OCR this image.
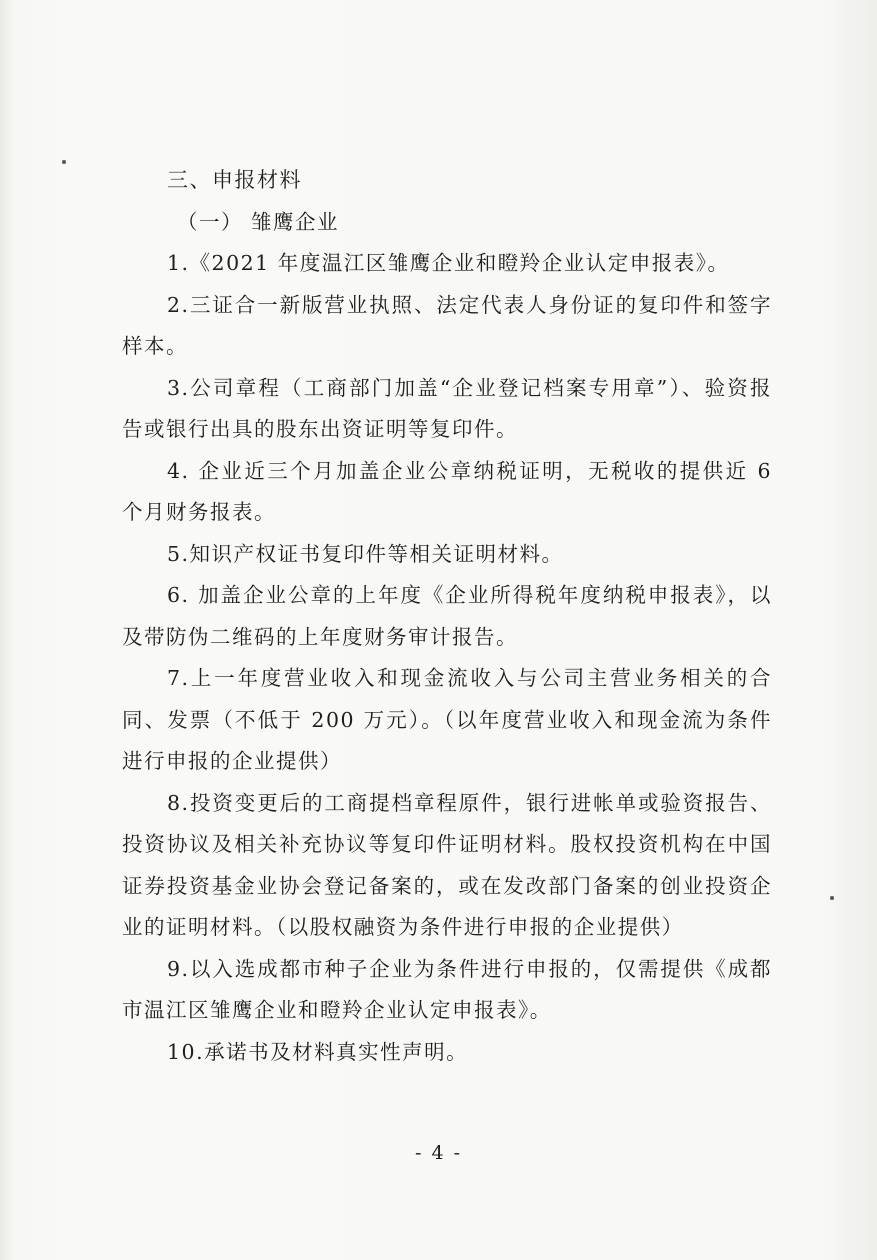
三、申报材料

（一） 雏鹰企业

1.《2021 年度温江区雏鹰企业和瞪羚企业认定申报表》。

2.三证合一新版营业执照、法定代表人身份证的复印件和签字样本。

3.公司章程（工商部门加盖“企业登记档案专用章”）、验资报告或银行出具的股东出资证明等复印件。

4. 企业近三个月加盖企业公章纳税证明，无税收的提供近 6 个月财务报表。

5.知识产权证书复印件等相关证明材料。

6. 加盖企业公章的上年度《企业所得税年度纳税申报表》，以及带防伪二维码的上年度财务审计报告。

7.上一年度营业收入和现金流收入与公司主营业务相关的合同、发票（不低于 200 万元）。（以年度营业收入和现金流为条件进行申报的企业提供）

8.投资变更后的工商提档章程原件，银行进帐单或验资报告、投资协议及相关补充协议等复印件证明材料。股权投资机构在中国证券投资基金业协会登记备案的，或在发改部门备案的创业投资企业的证明材料。（以股权融资为条件进行申报的企业提供）

9.以入选成都市种子企业为条件进行申报的，仅需提供《成都市温江区雏鹰企业和瞪羚企业认定申报表》。

10.承诺书及材料真实性声明。

- 4 -
